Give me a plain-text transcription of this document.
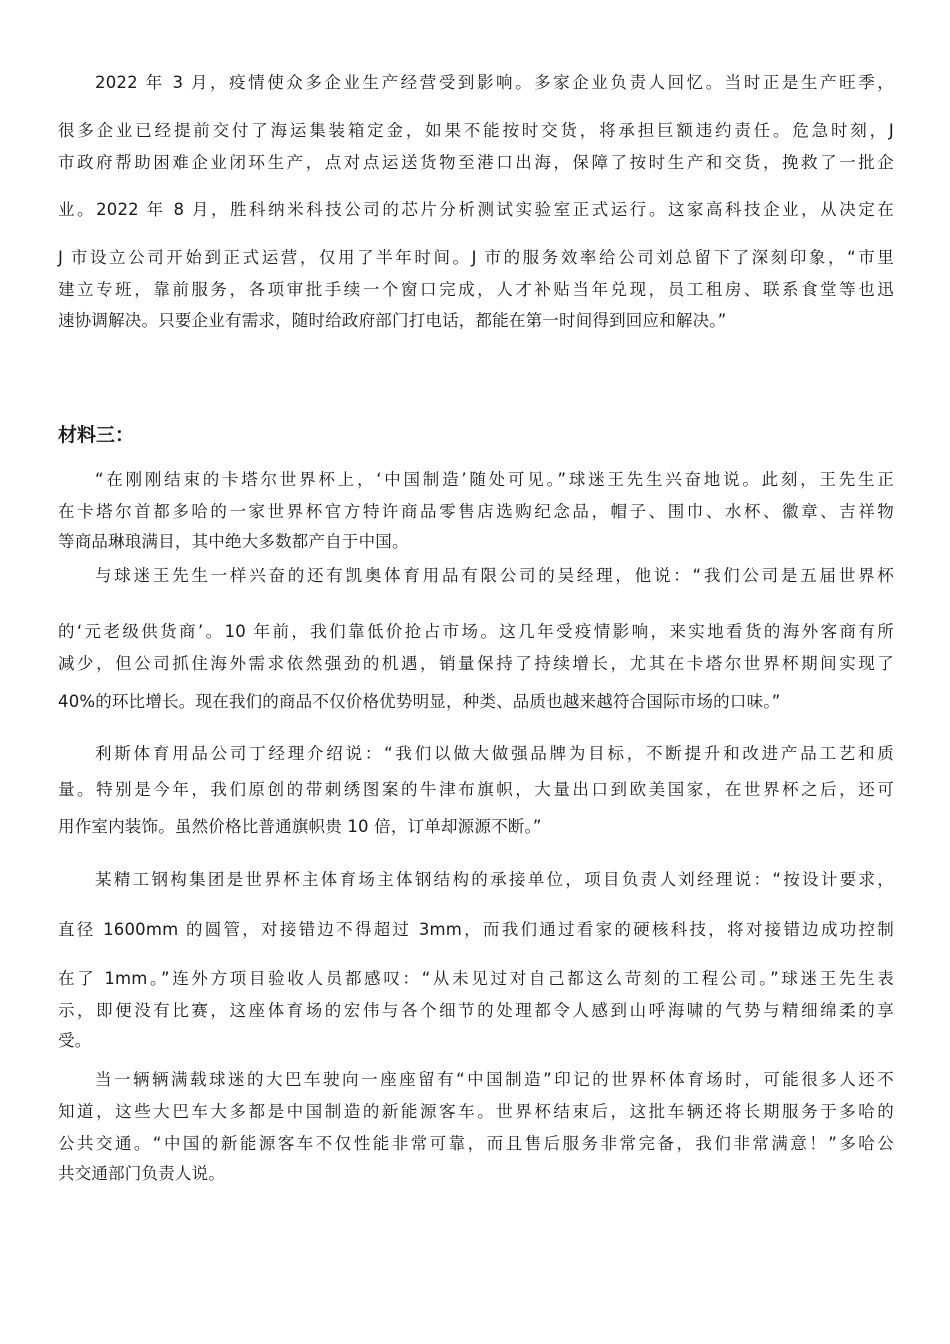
2022 年 3 月，疫情使众多企业生产经营受到影响。多家企业负责人回忆。当时正是生产旺季，
很多企业已经提前交付了海运集装箱定金，如果不能按时交货，将承担巨额违约责任。危急时刻，J
市政府帮助困难企业闭环生产，点对点运送货物至港口出海，保障了按时生产和交货，挽救了一批企
业。2022 年 8 月，胜科纳米科技公司的芯片分析测试实验室正式运行。这家高科技企业，从决定在
J 市设立公司开始到正式运营，仅用了半年时间。J 市的服务效率给公司刘总留下了深刻印象，“市里
建立专班，靠前服务，各项审批手续一个窗口完成，人才补贴当年兑现，员工租房、联系食堂等也迅
速协调解决。只要企业有需求，随时给政府部门打电话，都能在第一时间得到回应和解决。”
材料三：
“在刚刚结束的卡塔尔世界杯上，‘中国制造’随处可见。”球迷王先生兴奋地说。此刻，王先生正
在卡塔尔首都多哈的一家世界杯官方特许商品零售店选购纪念品，帽子、围巾、水杯、徽章、吉祥物
等商品琳琅满目，其中绝大多数都产自于中国。
与球迷王先生一样兴奋的还有凯奥体育用品有限公司的吴经理，他说：“我们公司是五届世界杯
的‘元老级供货商’。10 年前，我们靠低价抢占市场。这几年受疫情影响，来实地看货的海外客商有所
减少，但公司抓住海外需求依然强劲的机遇，销量保持了持续增长，尤其在卡塔尔世界杯期间实现了
40%的环比增长。现在我们的商品不仅价格优势明显，种类、品质也越来越符合国际市场的口味。”
利斯体育用品公司丁经理介绍说：“我们以做大做强品牌为目标，不断提升和改进产品工艺和质
量。特别是今年，我们原创的带刺绣图案的牛津布旗帜，大量出口到欧美国家，在世界杯之后，还可
用作室内装饰。虽然价格比普通旗帜贵 10 倍，订单却源源不断。”
某精工钢构集团是世界杯主体育场主体钢结构的承接单位，项目负责人刘经理说：“按设计要求，
直径 1600mm 的圆管，对接错边不得超过 3mm，而我们通过看家的硬核科技，将对接错边成功控制
在了 1mm。”连外方项目验收人员都感叹：“从未见过对自己都这么苛刻的工程公司。”球迷王先生表
示，即便没有比赛，这座体育场的宏伟与各个细节的处理都令人感到山呼海啸的气势与精细绵柔的享
受。
当一辆辆满载球迷的大巴车驶向一座座留有“中国制造”印记的世界杯体育场时，可能很多人还不
知道，这些大巴车大多都是中国制造的新能源客车。世界杯结束后，这批车辆还将长期服务于多哈的
公共交通。“中国的新能源客车不仅性能非常可靠，而且售后服务非常完备，我们非常满意！”多哈公
共交通部门负责人说。
